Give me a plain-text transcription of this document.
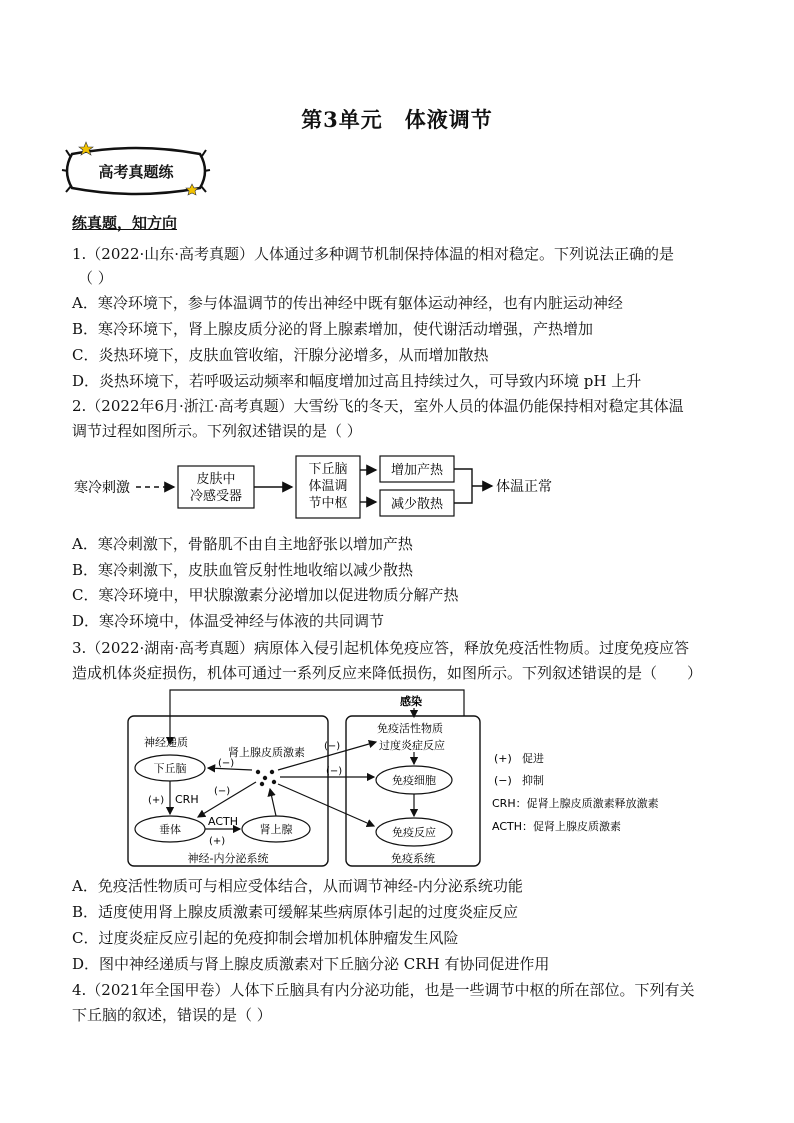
第3单元　体液调节
高考真题练
练真题，知方向
1.（2022·山东·高考真题）人体通过多种调节机制保持体温的相对稳定。下列说法正确的是
（ ）
A．寒冷环境下，参与体温调节的传出神经中既有躯体运动神经，也有内脏运动神经
B．寒冷环境下，肾上腺皮质分泌的肾上腺素增加，使代谢活动增强，产热增加
C．炎热环境下，皮肤血管收缩，汗腺分泌增多，从而增加散热
D．炎热环境下，若呼吸运动频率和幅度增加过高且持续过久，可导致内环境 pH 上升
2.（2022年6月·浙江·高考真题）大雪纷飞的冬天，室外人员的体温仍能保持相对稳定其体温
调节过程如图所示。下列叙述错误的是（ ）
寒冷刺激
皮肤中
冷感受器
下丘脑
体温调
节中枢
增加产热
减少散热
体温正常
A．寒冷刺激下，骨骼肌不由自主地舒张以增加产热
B．寒冷刺激下，皮肤血管反射性地收缩以减少散热
C．寒冷环境中，甲状腺激素分泌增加以促进物质分解产热
D．寒冷环境中，体温受神经与体液的共同调节
3.（2022·湖南·高考真题）病原体入侵引起机体免疫应答，释放免疫活性物质。过度免疫应答
造成机体炎症损伤，机体可通过一系列反应来降低损伤，如图所示。下列叙述错误的是（　　）
感染
免疫活性物质
过度炎症反应
神经递质
肾上腺皮质激素
下丘脑
垂体	肾上腺
(+) CRH
ACTH
(+)
(−)
(−)
(−)
(−)
免疫细胞
免疫反应
神经-内分泌系统	免疫系统
(+) 促进
(−) 抑制
CRH：促肾上腺皮质激素释放激素
ACTH：促肾上腺皮质激素
A．免疫活性物质可与相应受体结合，从而调节神经-内分泌系统功能
B．适度使用肾上腺皮质激素可缓解某些病原体引起的过度炎症反应
C．过度炎症反应引起的免疫抑制会增加机体肿瘤发生风险
D．图中神经递质与肾上腺皮质激素对下丘脑分泌 CRH 有协同促进作用
4.（2021年全国甲卷）人体下丘脑具有内分泌功能，也是一些调节中枢的所在部位。下列有关
下丘脑的叙述，错误的是（ ）
